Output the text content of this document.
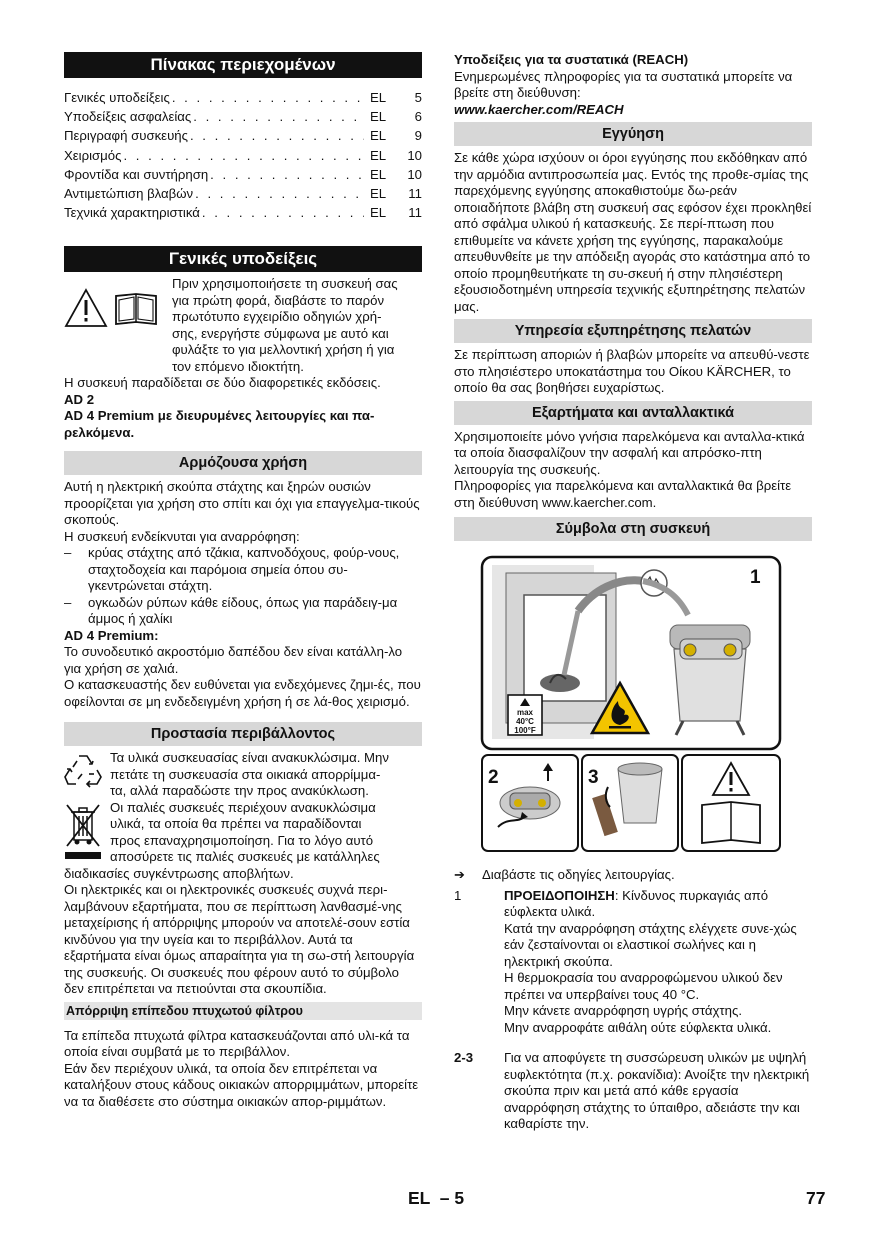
Πίνακας περιεχομένων
Γενικές υποδείξεις . . .	EL	5
Υποδείξεις ασφαλείας . . .	EL	6
Περιγραφή συσκευής . . .	EL	9
Χειρισμός . . .	EL	10
Φροντίδα και συντήρηση . . .	EL	10
Αντιμετώπιση βλαβών . . .	EL	11
Τεχνικά χαρακτηριστικά . . .	EL	11
Γενικές υποδείξεις
Πριν χρησιμοποιήσετε τη συσκευή σας
για πρώτη φορά, διαβάστε το παρόν
πρωτότυπο εγχειρίδιο οδηγιών χρή-
σης, ενεργήστε σύμφωνα με αυτό και
φυλάξτε το για μελλοντική χρήση ή για
τον επόμενο ιδιοκτήτη.
Η συσκευή παραδίδεται σε δύο διαφορετικές εκδόσεις.
AD 2
AD 4 Premium με διευρυμένες λειτουργίες και πα-ρελκόμενα.
Αρμόζουσα χρήση
Αυτή η ηλεκτρική σκούπα στάχτης και ξηρών ουσιών προορίζεται για χρήση στο σπίτι και όχι για επαγγελμα-τικούς σκοπούς.
Η συσκευή ενδείκνυται για αναρρόφηση:
–	κρύας στάχτης από τζάκια, καπνοδόχους, φούρ-νους, σταχτοδοχεία και παρόμοια σημεία όπου συ-γκεντρώνεται στάχτη.
–	ογκωδών ρύπων κάθε είδους, όπως για παράδειγ-μα άμμος ή χαλίκι
AD 4 Premium:
Το συνοδευτικό ακροστόμιο δαπέδου δεν είναι κατάλλη-λο για χρήση σε χαλιά.
Ο κατασκευαστής δεν ευθύνεται για ενδεχόμενες ζημι-ές, που οφείλονται σε μη ενδεδειγμένη χρήση ή σε λά-θος χειρισμό.
Προστασία περιβάλλοντος
Τα υλικά συσκευασίας είναι ανακυκλώσιμα. Μην
πετάτε τη συσκευασία στα οικιακά απορρίμμα-
τα, αλλά παραδώστε την προς ανακύκλωση.
Οι παλιές συσκευές περιέχουν ανακυκλώσιμα
υλικά, τα οποία θα πρέπει να παραδίδονται
προς επαναχρησιμοποίηση. Για το λόγο αυτό
αποσύρετε τις παλιές συσκευές με κατάλληλες
διαδικασίες συγκέντρωσης αποβλήτων.
Οι ηλεκτρικές και οι ηλεκτρονικές συσκευές συχνά περι-λαμβάνουν εξαρτήματα, που σε περίπτωση λανθασμέ-νης μεταχείρισης ή απόρριψης μπορούν να αποτελέ-σουν εστία κινδύνου για την υγεία και το περιβάλλον. Αυτά τα εξαρτήματα είναι όμως απαραίτητα για τη σω-στή λειτουργία της συσκευής. Οι συσκευές που φέρουν αυτό το σύμβολο δεν επιτρέπεται να πετιούνται στα σκουπίδια.
Απόρριψη επίπεδου πτυχωτού φίλτρου
Τα επίπεδα πτυχωτά φίλτρα κατασκευάζονται από υλι-κά τα οποία είναι συμβατά με το περιβάλλον.
Εάν δεν περιέχουν υλικά, τα οποία δεν επιτρέπεται να καταλήξουν στους κάδους οικιακών απορριμμάτων, μπορείτε να τα διαθέσετε στο σύστημα οικιακών απορ-ριμμάτων.
Υποδείξεις για τα συστατικά (REACH)
Ενημερωμένες πληροφορίες για τα συστατικά μπορείτε να βρείτε στη διεύθυνση:
www.kaercher.com/REACH
Εγγύηση
Σε κάθε χώρα ισχύουν οι όροι εγγύησης που εκδόθηκαν από την αρμόδια αντιπροσωπεία μας. Εντός της προθε-σμίας της παρεχόμενης εγγύησης αποκαθιστούμε δω-ρεάν οποιαδήποτε βλάβη στη συσκευή σας εφόσον έχει προκληθεί από σφάλμα υλικού ή κατασκευής. Σε περί-πτωση που επιθυμείτε να κάνετε χρήση της εγγύησης, παρακαλούμε απευθυνθείτε με την απόδειξη αγοράς στο κατάστημα από το οποίο προμηθευτήκατε τη συ-σκευή ή στην πλησιέστερη εξουσιοδοτημένη υπηρεσία τεχνικής εξυπηρέτησης πελατών μας.
Υπηρεσία εξυπηρέτησης πελατών
Σε περίπτωση αποριών ή βλαβών μπορείτε να απευθύ-νεστε στο πλησιέστερο υποκατάστημα του Οίκου KÄRCHER, το οποίο θα σας βοηθήσει ευχαρίστως.
Εξαρτήματα και ανταλλακτικά
Χρησιμοποιείτε μόνο γνήσια παρελκόμενα και ανταλλα-κτικά τα οποία διασφαλίζουν την ασφαλή και απρόσκο-πτη λειτουργία της συσκευής.
Πληροφορίες για παρελκόμενα και ανταλλακτικά θα βρείτε στη διεύθυνση www.kaercher.com.
Σύμβολα στη συσκευή
1
2	3
max
40°C
100°F
➔	Διαβάστε τις οδηγίες λειτουργίας.
1	ΠΡΟΕΙΔΟΠΟΙΗΣΗ: Κίνδυνος πυρκαγιάς από εύφλεκτα υλικά.
Κατά την αναρρόφηση στάχτης ελέγχετε συνε-χώς εάν ζεσταίνονται οι ελαστικοί σωλήνες και η ηλεκτρική σκούπα.
Η θερμοκρασία του αναρροφώμενου υλικού δεν πρέπει να υπερβαίνει τους 40 °C.
Μην κάνετε αναρρόφηση υγρής στάχτης.
Μην αναρροφάτε αιθάλη ούτε εύφλεκτα υλικά.
2-3	Για να αποφύγετε τη συσσώρευση υλικών με υψηλή ευφλεκτότητα (π.χ. ροκανίδια): Ανοίξτε την ηλεκτρική σκούπα πριν και μετά από κάθε εργασία αναρρόφηση στάχτης το ύπαιθρο, αδειάστε την και καθαρίστε την.
EL  – 5	77
